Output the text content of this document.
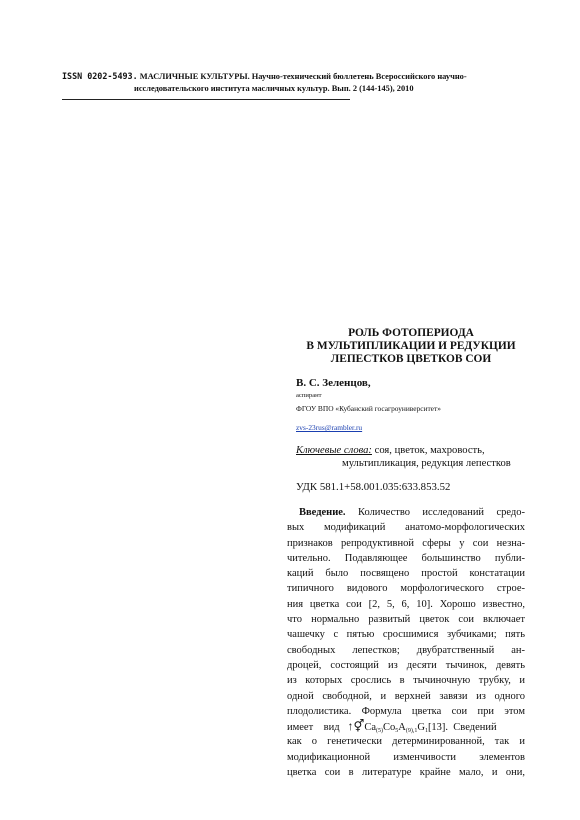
ISSN 0202-5493. МАСЛИЧНЫЕ КУЛЬТУРЫ. Научно-технический бюллетень Всероссийского научно-
исследовательского института масличных культур. Вып. 2 (144-145), 2010
РОЛЬ ФОТОПЕРИОДА
В МУЛЬТИПЛИКАЦИИ И РЕДУКЦИИ
ЛЕПЕСТКОВ ЦВЕТКОВ СОИ
В. С. Зеленцов,
аспирант
ФГОУ ВПО «Кубанский госагроуниверситет»
zvs-23rus@rambler.ru
Ключевые слова: соя, цветок, махровость,
мультипликация, редукция лепестков
УДК 581.1+58.001.035:633.853.52
Введение. Количество исследований средо-
вых модификаций анатомо-морфологических
признаков репродуктивной сферы у сои незна-
чительно. Подавляющее большинство публи-
каций было посвящено простой констатации
типичного видового морфологического строе-
ния цветка сои [2, 5, 6, 10]. Хорошо известно,
что нормально развитый цветок сои включает
чашечку с пятью сросшимися зубчиками; пять
свободных лепестков; двубратственный ан-
дроцей, состоящий из десяти тычинок, девять
из которых срослись в тычиночную трубку, и
одной свободной, и верхней завязи из одного
плодолистика. Формула цветка сои при этом
имеет    вид   $↑⚥Ca_{(5)}Co_5A_{(9),1}G_1[13]$.  Сведений
как о генетически детерминированной, так и
модификационной изменчивости элементов
цветка сои в литературе крайне мало, и они,
